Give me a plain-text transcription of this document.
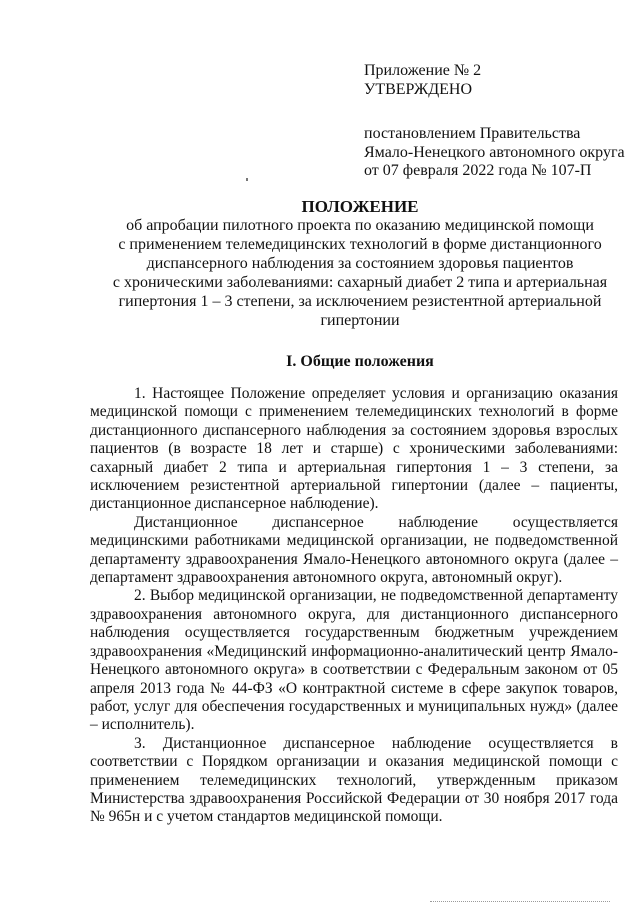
Приложение № 2
УТВЕРЖДЕНО
постановлением Правительства
Ямало-Ненецкого автономного округа
от 07 февраля 2022 года № 107-П
ПОЛОЖЕНИЕ
об апробации пилотного проекта по оказанию медицинской помощи
с применением телемедицинских технологий в форме дистанционного
диспансерного наблюдения за состоянием здоровья пациентов
с хроническими заболеваниями: сахарный диабет 2 типа и артериальная
гипертония 1 – 3 степени, за исключением резистентной артериальной
гипертонии
I. Общие положения

1. Настоящее Положение определяет условия и организацию оказания медицинской помощи с применением телемедицинских технологий в форме дистанционного диспансерного наблюдения за состоянием здоровья взрослых пациентов (в возрасте 18 лет и старше) с хроническими заболеваниями: сахарный диабет 2 типа и артериальная гипертония 1 – 3 степени, за исключением резистентной артериальной гипертонии (далее – пациенты, дистанционное диспансерное наблюдение).

Дистанционное диспансерное наблюдение осуществляется медицинскими работниками медицинской организации, не подведомственной департаменту здравоохранения Ямало-Ненецкого автономного округа (далее – департамент здравоохранения автономного округа, автономный округ).

2. Выбор медицинской организации, не подведомственной департаменту здравоохранения автономного округа, для дистанционного диспансерного наблюдения осуществляется государственным бюджетным учреждением здравоохранения «Медицинский информационно-аналитический центр Ямало-Ненецкого автономного округа» в соответствии с Федеральным законом от 05 апреля 2013 года № 44-ФЗ «О контрактной системе в сфере закупок товаров, работ, услуг для обеспечения государственных и муниципальных нужд» (далее – исполнитель).

3. Дистанционное диспансерное наблюдение осуществляется в соответствии с Порядком организации и оказания медицинской помощи с применением телемедицинских технологий, утвержденным приказом Министерства здравоохранения Российской Федерации от 30 ноября 2017 года № 965н и с учетом стандартов медицинской помощи.
